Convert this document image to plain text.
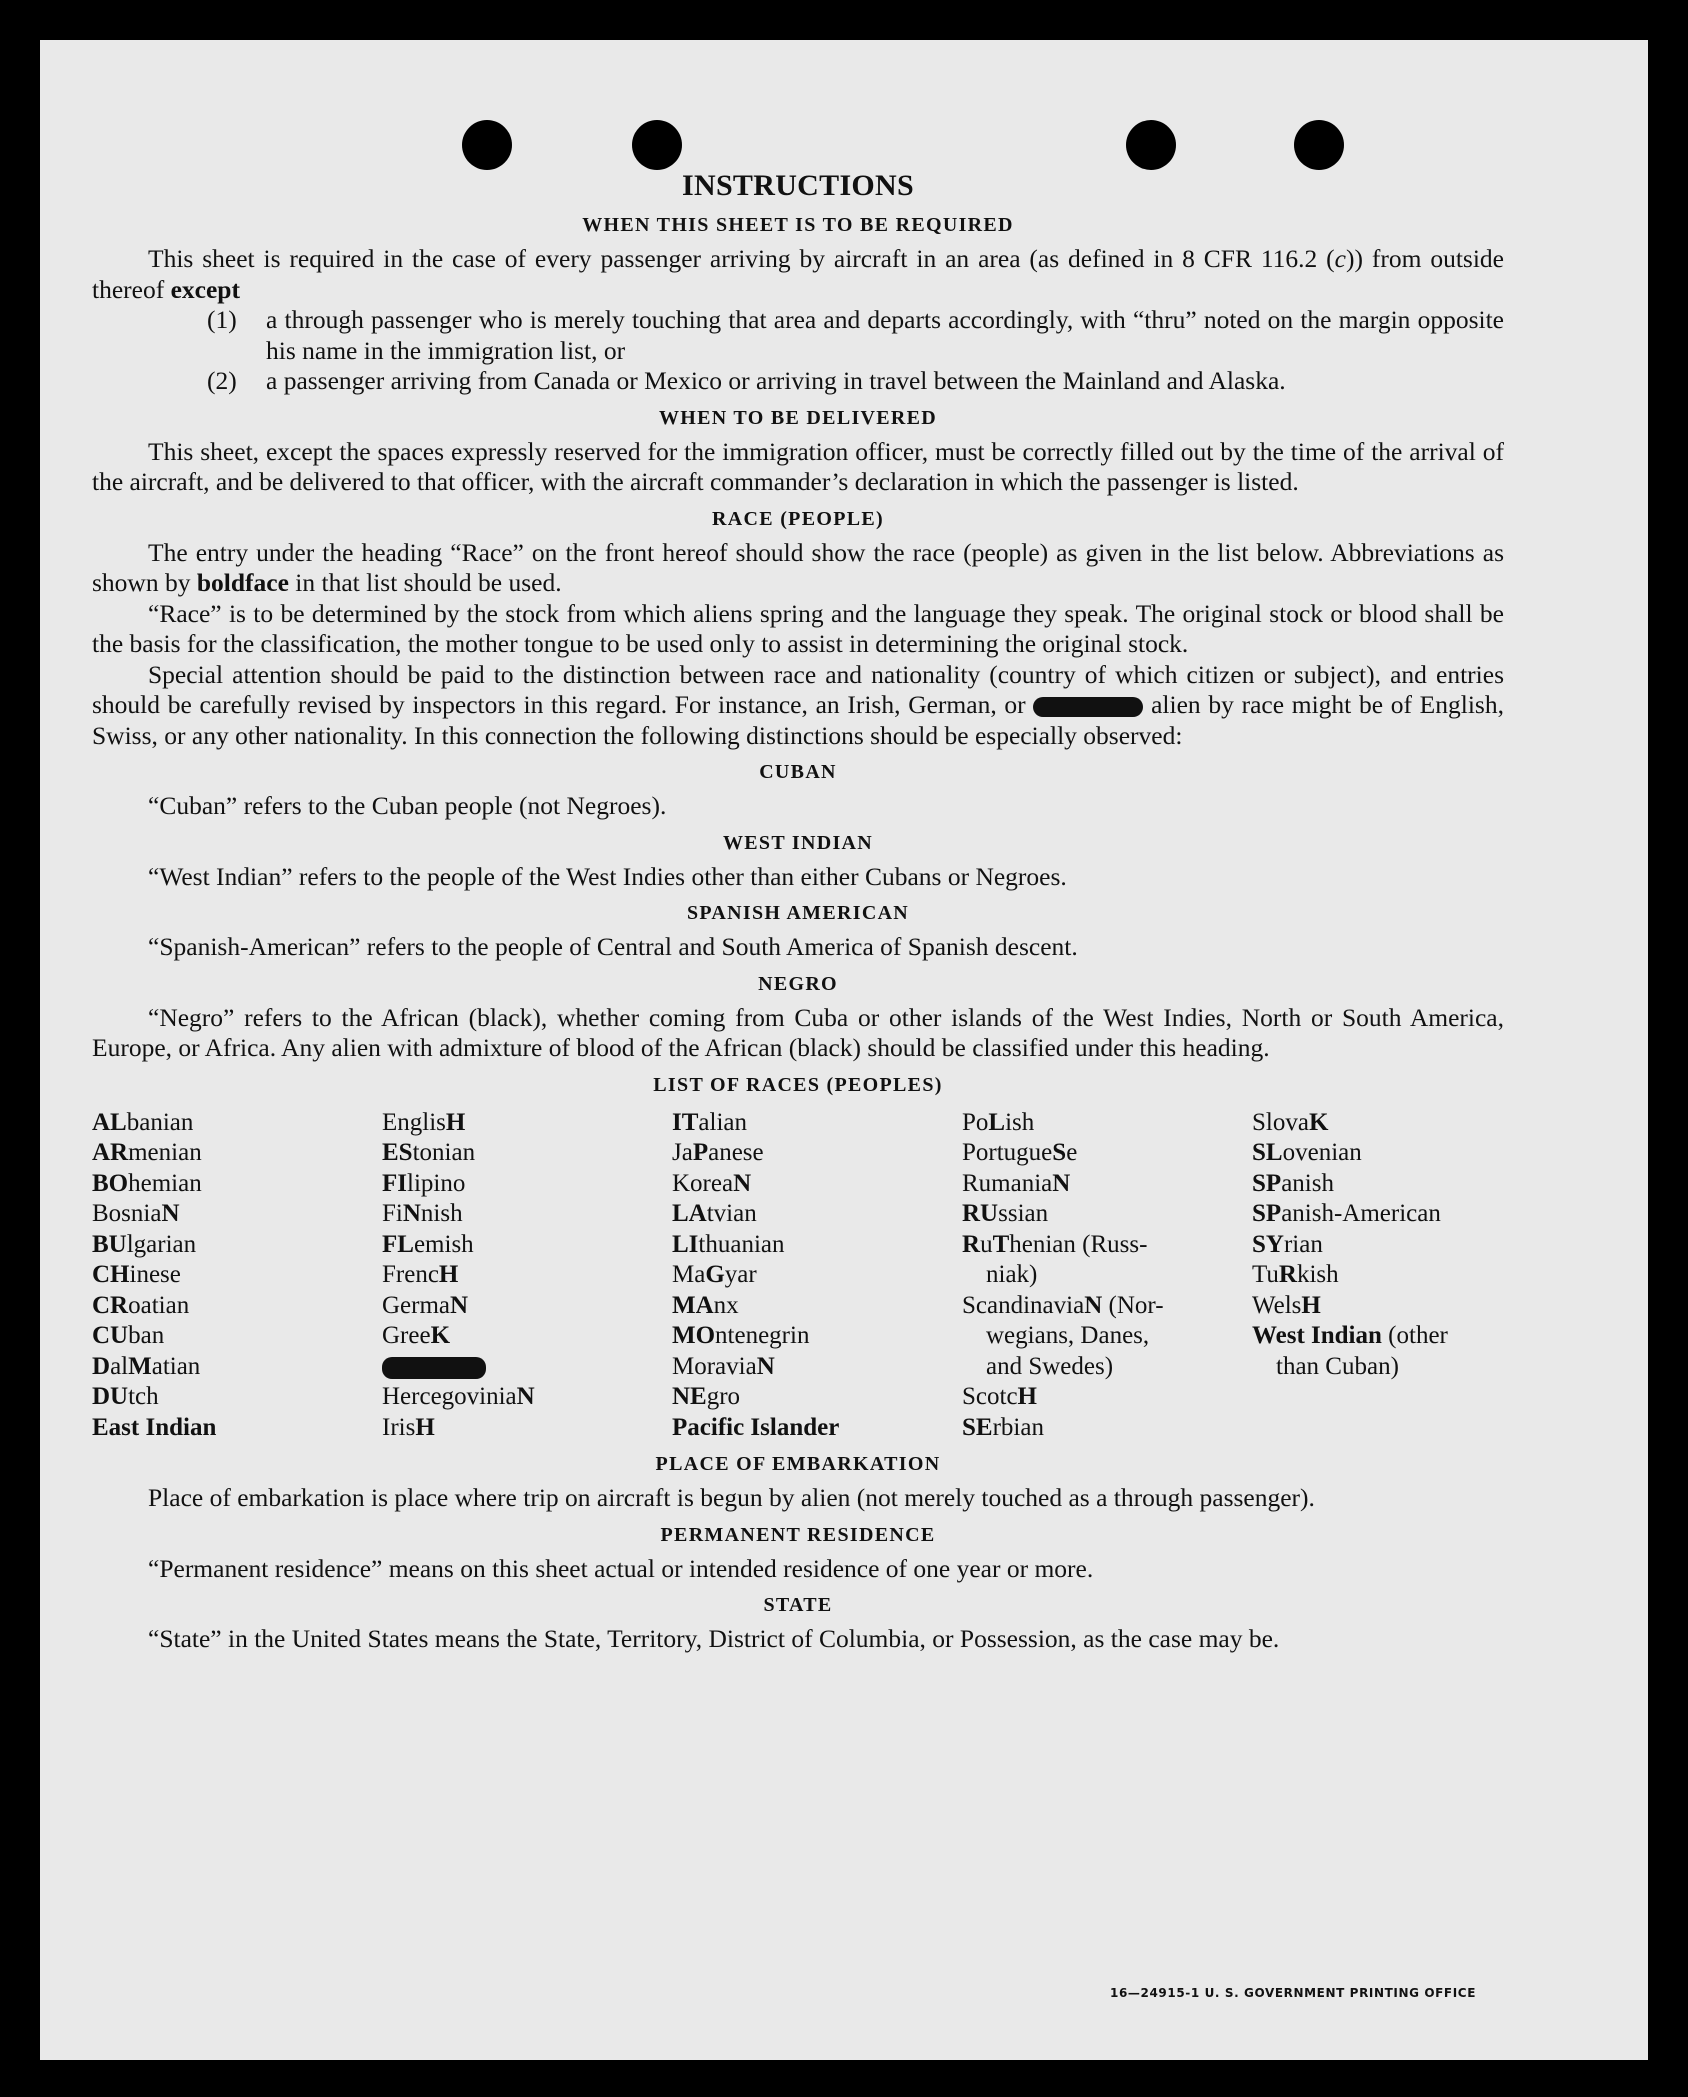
INSTRUCTIONS
WHEN THIS SHEET IS TO BE REQUIRED

This sheet is required in the case of every passenger arriving by aircraft in an area (as defined in 8 CFR 116.2 (c)) from outside thereof except

(1)	a through passenger who is merely touching that area and departs accordingly, with “thru” noted on the margin opposite his name in the immigration list, or
(2)	a passenger arriving from Canada or Mexico or arriving in travel between the Mainland and Alaska.
WHEN TO BE DELIVERED

This sheet, except the spaces expressly reserved for the immigration officer, must be correctly filled out by the time of the arrival of the aircraft, and be delivered to that officer, with the aircraft commander’s declaration in which the passenger is listed.

RACE (PEOPLE)

The entry under the heading “Race” on the front hereof should show the race (people) as given in the list below. Abbreviations as shown by boldface in that list should be used.

“Race” is to be determined by the stock from which aliens spring and the language they speak. The original stock or blood shall be the basis for the classification, the mother tongue to be used only to assist in determining the original stock.

Special attention should be paid to the distinction between race and nationality (country of which citizen or subject), and entries should be carefully revised by inspectors in this regard. For instance, an Irish, German, or	alien by race might be of English, Swiss, or any other nationality. In this connection the following distinctions should be especially observed:

CUBAN

“Cuban” refers to the Cuban people (not Negroes).

WEST INDIAN

“West Indian” refers to the people of the West Indies other than either Cubans or Negroes.

SPANISH AMERICAN

“Spanish-American” refers to the people of Central and South America of Spanish descent.

NEGRO

“Negro” refers to the African (black), whether coming from Cuba or other islands of the West Indies, North or South America, Europe, or Africa. Any alien with admixture of blood of the African (black) should be classified under this heading.

LIST OF RACES (PEOPLES)
ALbanian
ARmenian
BOhemian
BosniaN
BUlgarian
CHinese
CRoatian
CUban
DalMatian
DUtch
East Indian
EnglisH
EStonian
FIlipino
FiNnish
FLemish
FrencH
GermaN
GreeK
HercegoviniaN
IrisH
ITalian
JaPanese
KoreaN
LAtvian
LIthuanian
MaGyar
MAnx
MOntenegrin
MoraviaN
NEgro
Pacific Islander
PoLish
PortugueSe
RumaniaN
RUssian
RuThenian (Russ-
niak)
ScandinaviaN (Nor-
wegians, Danes,
and Swedes)
ScotcH
SErbian
SlovaK
SLovenian
SPanish
SPanish-American
SYrian
TuRkish
WelsH
West Indian (other
than Cuban)
PLACE OF EMBARKATION

Place of embarkation is place where trip on aircraft is begun by alien (not merely touched as a through passenger).

PERMANENT RESIDENCE

“Permanent residence” means on this sheet actual or intended residence of one year or more.

STATE

“State” in the United States means the State, Territory, District of Columbia, or Possession, as the case may be.

16—24915-1 U. S. GOVERNMENT PRINTING OFFICE
